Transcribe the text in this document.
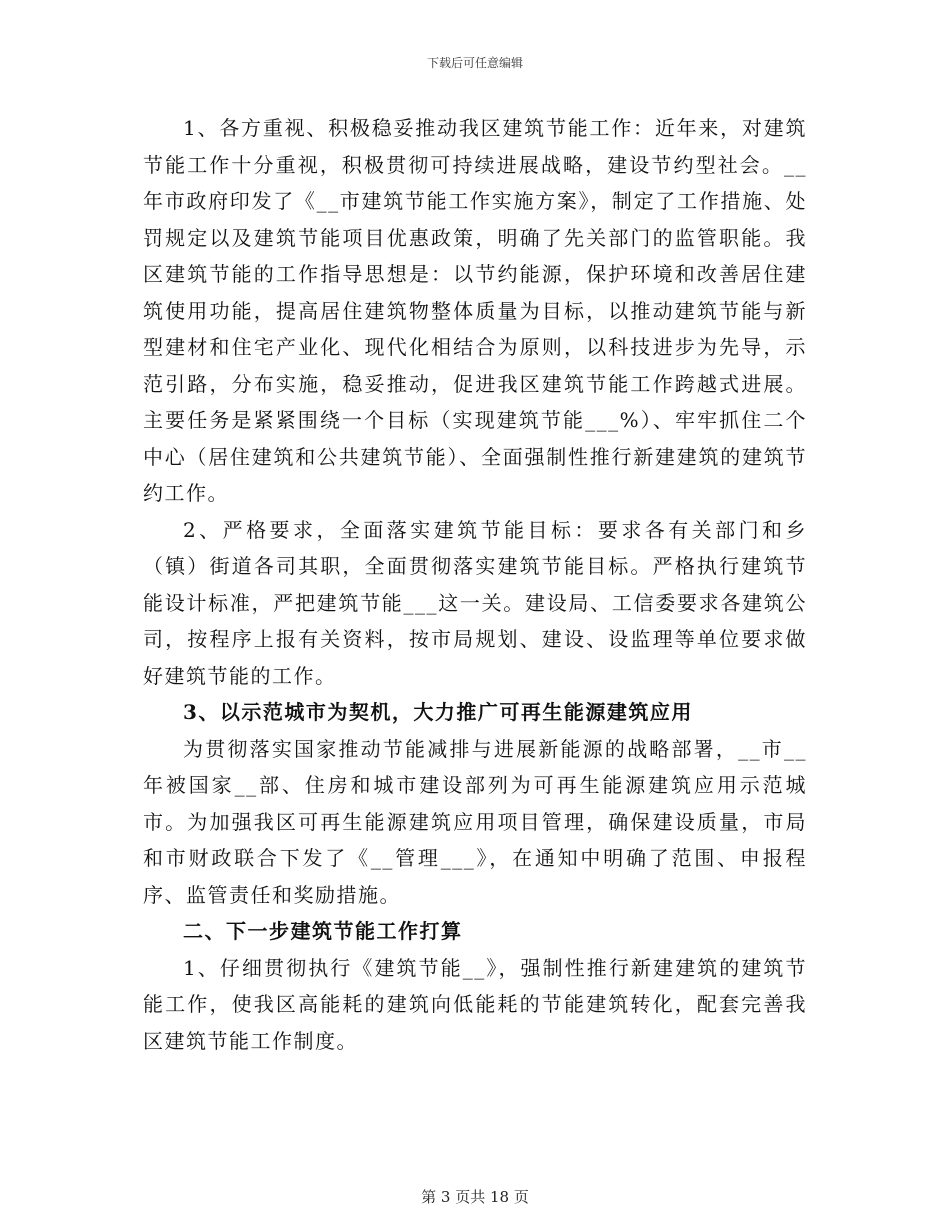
下载后可任意编辑

1、各方重视、积极稳妥推动我区建筑节能工作：近年来，对建筑节能工作十分重视，积极贯彻可持续进展战略，建设节约型社会。__年市政府印发了《__市建筑节能工作实施方案》，制定了工作措施、处罚规定以及建筑节能项目优惠政策，明确了先关部门的监管职能。我区建筑节能的工作指导思想是：以节约能源，保护环境和改善居住建筑使用功能，提高居住建筑物整体质量为目标，以推动建筑节能与新型建材和住宅产业化、现代化相结合为原则，以科技进步为先导，示范引路，分布实施，稳妥推动，促进我区建筑节能工作跨越式进展。主要任务是紧紧围绕一个目标（实现建筑节能___%）、牢牢抓住二个中心（居住建筑和公共建筑节能）、全面强制性推行新建建筑的建筑节约工作。

2、严格要求，全面落实建筑节能目标：要求各有关部门和乡（镇）街道各司其职，全面贯彻落实建筑节能目标。严格执行建筑节能设计标准，严把建筑节能___这一关。建设局、工信委要求各建筑公司，按程序上报有关资料，按市局规划、建设、设监理等单位要求做好建筑节能的工作。

3、以示范城市为契机，大力推广可再生能源建筑应用

为贯彻落实国家推动节能减排与进展新能源的战略部署，__市__年被国家__部、住房和城市建设部列为可再生能源建筑应用示范城市。为加强我区可再生能源建筑应用项目管理，确保建设质量，市局和市财政联合下发了《__管理___》，在通知中明确了范围、申报程序、监管责任和奖励措施。

二、下一步建筑节能工作打算

1、仔细贯彻执行《建筑节能__》，强制性推行新建建筑的建筑节能工作，使我区高能耗的建筑向低能耗的节能建筑转化，配套完善我区建筑节能工作制度。

第 3 页共 18 页
